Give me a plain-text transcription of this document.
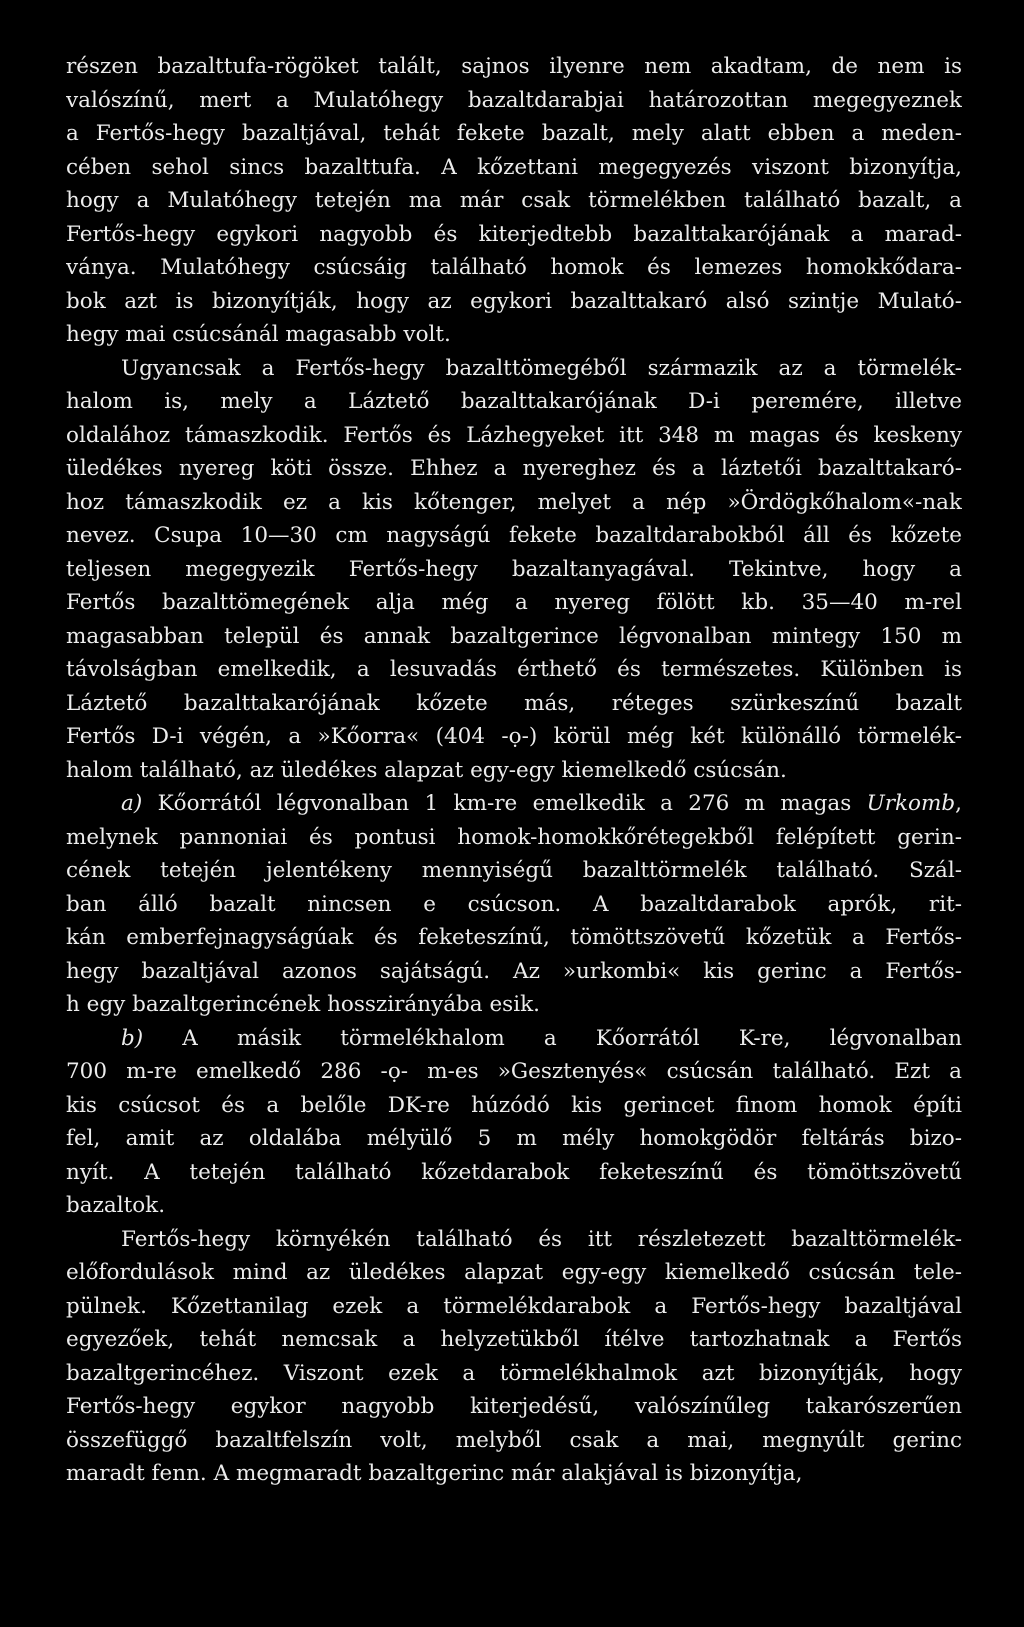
részen bazalttufa-rögöket talált, sajnos ilyenre nem akadtam, de nem is
valószínű, mert a Mulatóhegy bazaltdarabjai határozottan megegyeznek
a Fertős-hegy bazaltjával, tehát fekete bazalt, mely alatt ebben a meden-
cében sehol sincs bazalttufa. A kőzettani megegyezés viszont bizonyítja,
hogy a Mulatóhegy tetején ma már csak törmelékben található bazalt, a
Fertős-hegy egykori nagyobb és kiterjedtebb bazalttakarójának a marad-
ványa. Mulatóhegy csúcsáig található homok és lemezes homokkődara-
bok azt is bizonyítják, hogy az egykori bazalttakaró alsó szintje Mulató-
hegy mai csúcsánál magasabb volt.
Ugyancsak a Fertős-hegy bazalttömegéből származik az a törmelék-
halom is, mely a Láztető bazalttakarójának D-i peremére, illetve
oldalához támaszkodik. Fertős és Lázhegyeket itt 348 m magas és keskeny
üledékes nyereg köti össze. Ehhez a nyereghez és a láztetői bazalttakaró-
hoz támaszkodik ez a kis kőtenger, melyet a nép »Ördögkőhalom«-nak
nevez. Csupa 10—30 cm nagyságú fekete bazaltdarabokból áll és kőzete
teljesen megegyezik Fertős-hegy bazaltanyagával. Tekintve, hogy a
Fertős bazalttömegének alja még a nyereg fölött kb. 35—40 m-rel
magasabban települ és annak bazaltgerince légvonalban mintegy 150 m
távolságban emelkedik, a lesuvadás érthető és természetes. Különben is
Láztető bazalttakarójának kőzete más, réteges szürkeszínű bazalt
Fertős D-i végén, a »Kőorra« (404 -ọ-) körül még két különálló törmelék-
halom található, az üledékes alapzat egy-egy kiemelkedő csúcsán.
a) Kőorrától légvonalban 1 km-re emelkedik a 276 m magas Urkomb,
melynek pannoniai és pontusi homok-homokkőrétegekből felépített gerin-
cének tetején jelentékeny mennyiségű bazalttörmelék található. Szál-
ban álló bazalt nincsen e csúcson. A bazaltdarabok aprók, rit-
kán emberfejnagyságúak és feketeszínű, tömöttszövetű kőzetük a Fertős-
hegy bazaltjával azonos sajátságú. Az »urkombi« kis gerinc a Fertős-
h egy bazaltgerincének hosszirányába esik.
b) A másik törmelékhalom a Kőorrától K-re, légvonalban
700 m-re emelkedő 286 -ọ- m-es »Gesztenyés« csúcsán található. Ezt a
kis csúcsot és a belőle DK-re húzódó kis gerincet finom homok építi
fel, amit az oldalába mélyülő 5 m mély homokgödör feltárás bizo-
nyít. A tetején található kőzetdarabok feketeszínű és tömöttszövetű
bazaltok.
Fertős-hegy környékén található és itt részletezett bazalttörmelék-
előfordulások mind az üledékes alapzat egy-egy kiemelkedő csúcsán tele-
pülnek. Kőzettanilag ezek a törmelékdarabok a Fertős-hegy bazaltjával
egyezőek, tehát nemcsak a helyzetükből ítélve tartozhatnak a Fertős
bazaltgerincéhez. Viszont ezek a törmelékhalmok azt bizonyítják, hogy
Fertős-hegy egykor nagyobb kiterjedésű, valószínűleg takarószerűen
összefüggő bazaltfelszín volt, melyből csak a mai, megnyúlt gerinc
maradt fenn. A megmaradt bazaltgerinc már alakjával is bizonyítja,
